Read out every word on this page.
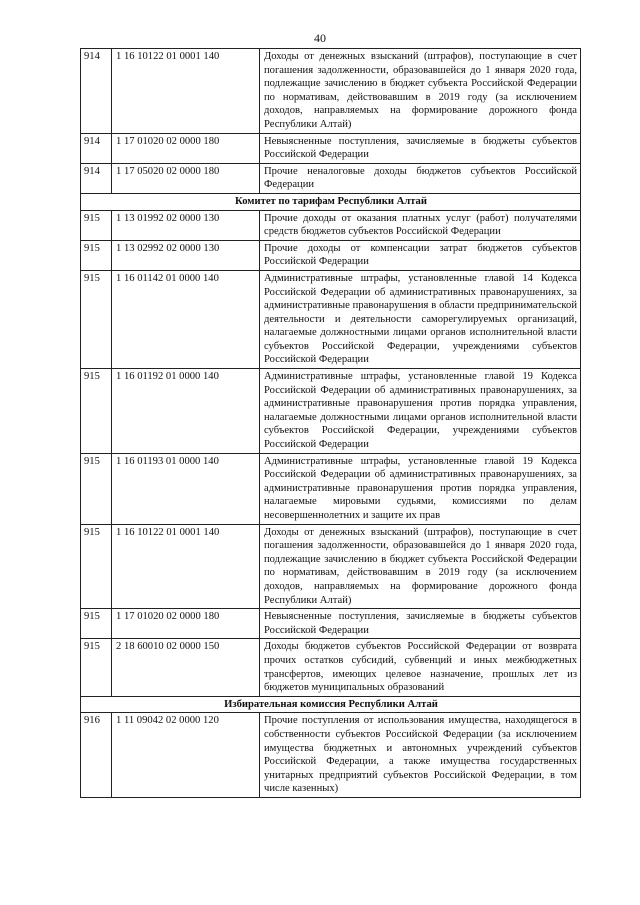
40
914	1 16 10122 01 0001 140	Доходы от денежных взысканий (штрафов), поступающие в счет погашения задолженности, образовавшейся до 1 января 2020 года, подлежащие зачислению в бюджет субъекта Российской Федерации по нормативам, действовавшим в 2019 году (за исключением доходов, направляемых на формирование дорожного фонда Республики Алтай)
914	1 17 01020 02 0000 180	Невыясненные поступления, зачисляемые в бюджеты субъектов Российской Федерации
914	1 17 05020 02 0000 180	Прочие неналоговые доходы бюджетов субъектов Российской Федерации
Комитет по тарифам Республики Алтай		
915	1 13 01992 02 0000 130	Прочие доходы от оказания платных услуг (работ) получателями средств бюджетов субъектов Российской Федерации
915	1 13 02992 02 0000 130	Прочие доходы от компенсации затрат бюджетов субъектов Российской Федерации
915	1 16 01142 01 0000 140	Административные штрафы, установленные главой 14 Кодекса Российской Федерации об административных правонарушениях, за административные правонарушения в области предпринимательской деятельности и деятельности саморегулируемых организаций, налагаемые должностными лицами органов исполнительной власти субъектов Российской Федерации, учреждениями субъектов Российской Федерации
915	1 16 01192 01 0000 140	Административные штрафы, установленные главой 19 Кодекса Российской Федерации об административных правонарушениях, за административные правонарушения против порядка управления, налагаемые должностными лицами органов исполнительной власти субъектов Российской Федерации, учреждениями субъектов Российской Федерации
915	1 16 01193 01 0000 140	Административные штрафы, установленные главой 19 Кодекса Российской Федерации об административных правонарушениях, за административные правонарушения против порядка управления, налагаемые мировыми судьями, комиссиями по делам несовершеннолетних и защите их прав
915	1 16 10122 01 0001 140	Доходы от денежных взысканий (штрафов), поступающие в счет погашения задолженности, образовавшейся до 1 января 2020 года, подлежащие зачислению в бюджет субъекта Российской Федерации по нормативам, действовавшим в 2019 году (за исключением доходов, направляемых на формирование дорожного фонда Республики Алтай)
915	1 17 01020 02 0000 180	Невыясненные поступления, зачисляемые в бюджеты субъектов Российской Федерации
915	2 18 60010 02 0000 150	Доходы бюджетов субъектов Российской Федерации от возврата прочих остатков субсидий, субвенций и иных межбюджетных трансфертов, имеющих целевое назначение, прошлых лет из бюджетов муниципальных образований
Избирательная комиссия Республики Алтай		
916	1 11 09042 02 0000 120	Прочие поступления от использования имущества, находящегося в собственности субъектов Российской Федерации (за исключением имущества бюджетных и автономных учреждений субъектов Российской Федерации, а также имущества государственных унитарных предприятий субъектов Российской Федерации, в том числе казенных)
